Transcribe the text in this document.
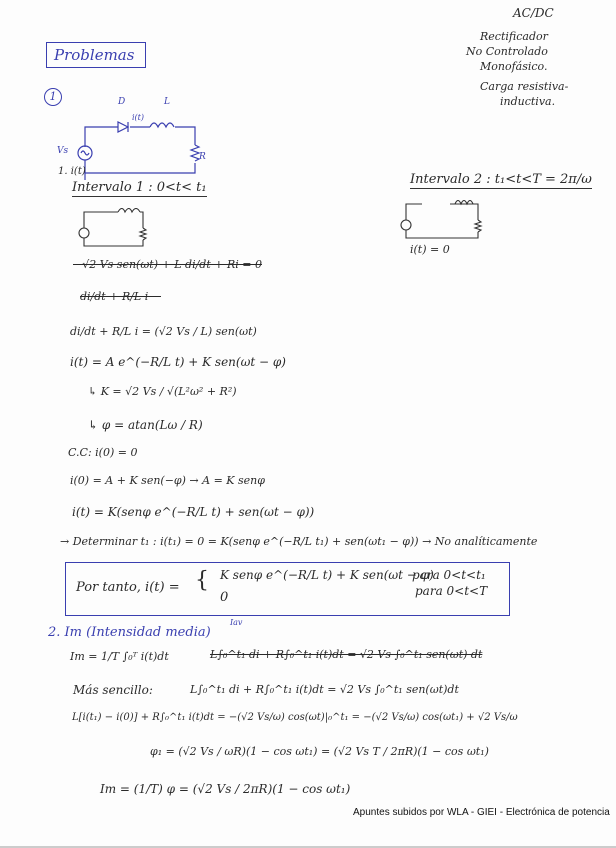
AC/DC
Rectificador
No Controlado
Monofásico.
Carga resistiva-
inductiva.
Problemas
1
Vs
D	L
i(t)
R
1. i(t)
Intervalo 1 : 0<t< t₁
Intervalo 2 : t₁<t<T = 2π/ω
i(t) = 0
−√2 Vs sen(ωt) + L di/dt + Ri = 0
di/dt + R/L i −
di/dt + R/L i = (√2 Vs / L) sen(ωt)
i(t) = A e^(−R/L t) + K sen(ωt − φ)
↳ K = √2 Vs / √(L²ω² + R²)
↳ φ = atan(Lω / R)
C.C: i(0) = 0
i(0) = A + K sen(−φ) → A = K senφ
i(t) = K(senφ e^(−R/L t) + sen(ωt − φ))
→ Determinar t₁ : i(t₁) = 0 = K(senφ e^(−R/L t₁) + sen(ωt₁ − φ)) → No analíticamente
Por tanto, i(t) = { K senφ e^(−R/L t) + K sen(ωt − φ)
para 0<t<t₁
0	para 0<t<T
2. Im (Intensidad media)
Iav
Im = 1/T ∫₀ᵀ i(t)dt	L∫₀^t₁ di + R∫₀^t₁ i(t)dt = √2 Vs ∫₀^t₁ sen(ωt) dt
Más sencillo:	L∫₀^t₁ di + R∫₀^t₁ i(t)dt = √2 Vs ∫₀^t₁ sen(ωt)dt
L[i(t₁) − i(0)] + R∫₀^t₁ i(t)dt = −(√2 Vs/ω) cos(ωt)|₀^t₁ = −(√2 Vs/ω) cos(ωt₁) + √2 Vs/ω
φ₁ = (√2 Vs / ωR)(1 − cos ωt₁) = (√2 Vs T / 2πR)(1 − cos ωt₁)
Im = (1/T) φ = (√2 Vs / 2πR)(1 − cos ωt₁)
Apuntes subidos por WLA - GIEI - Electrónica de potencia
